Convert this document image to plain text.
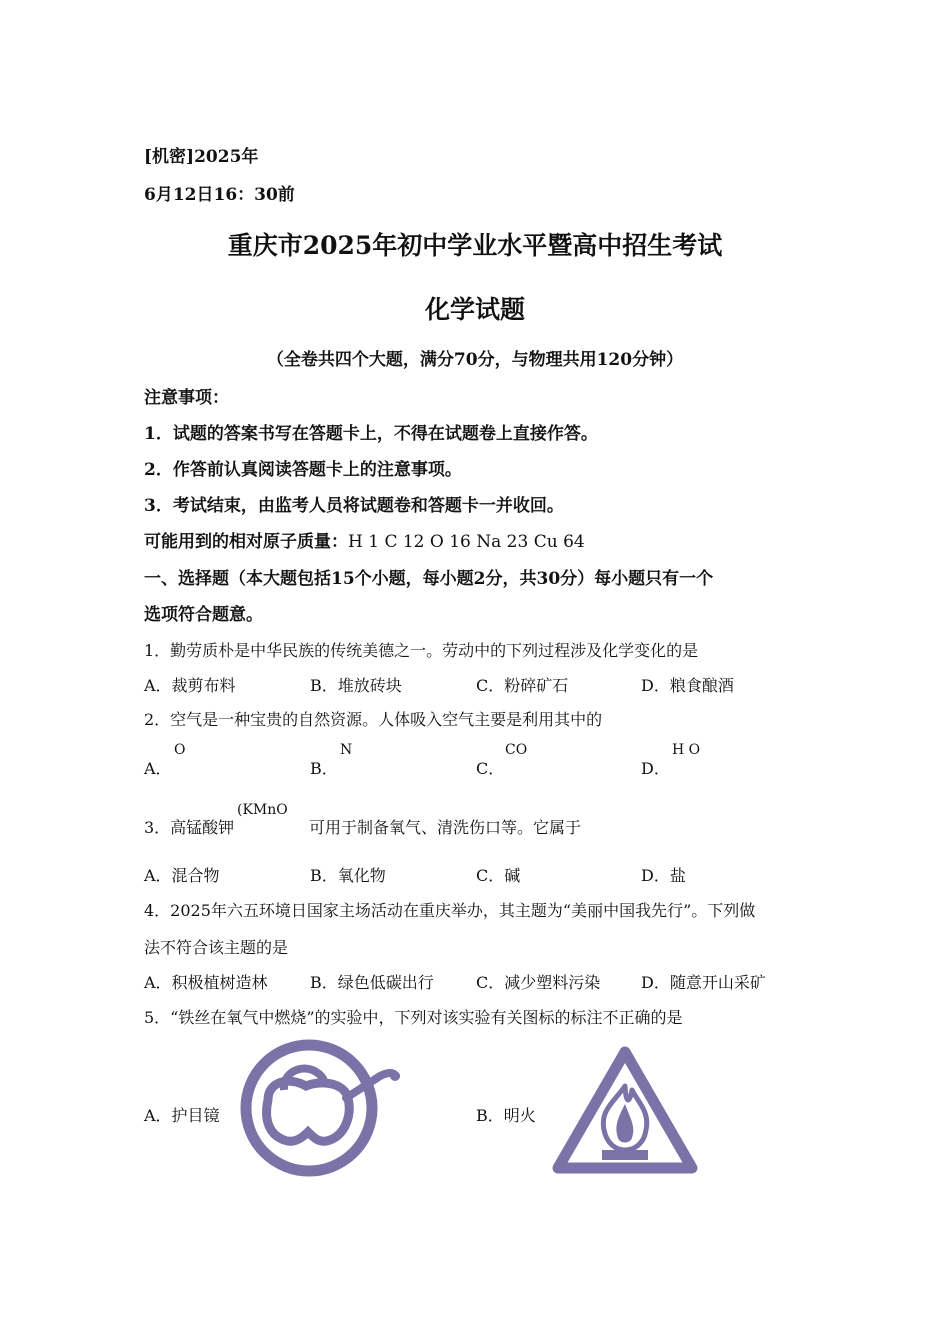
[机密]2025年
6月12日16：30前
重庆市2025年初中学业水平暨高中招生考试
化学试题
（全卷共四个大题，满分70分，与物理共用120分钟）
注意事项：
1．试题的答案书写在答题卡上，不得在试题卷上直接作答。
2．作答前认真阅读答题卡上的注意事项。
3．考试结束，由监考人员将试题卷和答题卡一并收回。
可能用到的相对原子质量：H 1 C 12 O 16 Na 23 Cu 64
一、选择题（本大题包括15个小题，每小题2分，共30分）每小题只有一个
选项符合题意。
1．勤劳质朴是中华民族的传统美德之一。劳动中的下列过程涉及化学变化的是
A．裁剪布料	B．堆放砖块	C．粉碎矿石	D．粮食酿酒
2．空气是一种宝贵的自然资源。人体吸入空气主要是利用其中的
A．
O
B．
N
C．
CO
D．
H O
3．高锰酸钾
(KMnO
可用于制备氧气、清洗伤口等。它属于
A．混合物	B．氧化物	C．碱	D．盐
4．2025年六五环境日国家主场活动在重庆举办，其主题为“美丽中国我先行”。下列做
法不符合该主题的是
A．积极植树造林	B．绿色低碳出行	C．减少塑料污染	D．随意开山采矿
5．“铁丝在氧气中燃烧”的实验中，下列对该实验有关图标的标注不正确的是
A．护目镜	B．明火
